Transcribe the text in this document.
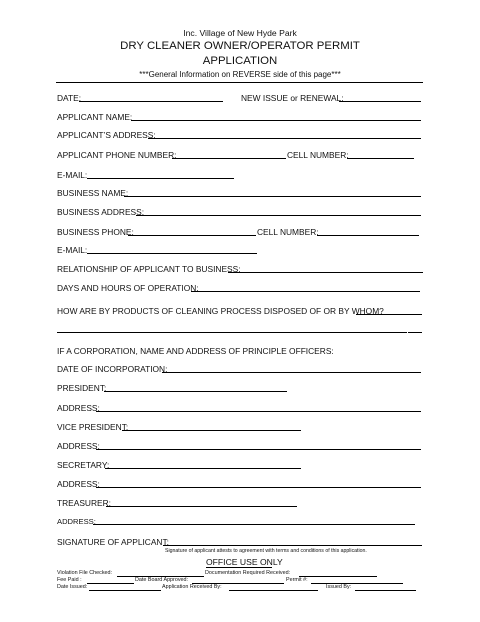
Inc. Village of New Hyde Park
DRY CLEANER OWNER/OPERATOR PERMIT
APPLICATION
***General Information on REVERSE side of this page***
DATE:	NEW ISSUE or RENEWAL:
APPLICANT NAME:
APPLICANT’S ADDRESS:
APPLICANT PHONE NUMBER:	CELL NUMBER:
E-MAIL:
BUSINESS NAME:
BUSINESS ADDRESS:
BUSINESS PHONE:	CELL NUMBER:
E-MAIL:
RELATIONSHIP OF APPLICANT TO BUSINESS:
DAYS AND HOURS OF OPERATION:
HOW ARE BY PRODUCTS OF CLEANING PROCESS DISPOSED OF OR BY WHOM?
IF A CORPORATION, NAME AND ADDRESS OF PRINCIPLE OFFICERS:
DATE OF INCORPORATION:
PRESIDENT:
ADDRESS:
VICE PRESIDENT:
ADDRESS:
SECRETARY:
ADDRESS:
TREASURER:
ADDRESS:
SIGNATURE OF APPLICANT:
Signature of applicant attests to agreement with terms and conditions of this application.
OFFICE USE ONLY
Violation File Checked:	Documentation Required Received:
Fee Paid :	Date Board Approved:	Permit #:
Date Issued:	Application Received By:	Issued By:
